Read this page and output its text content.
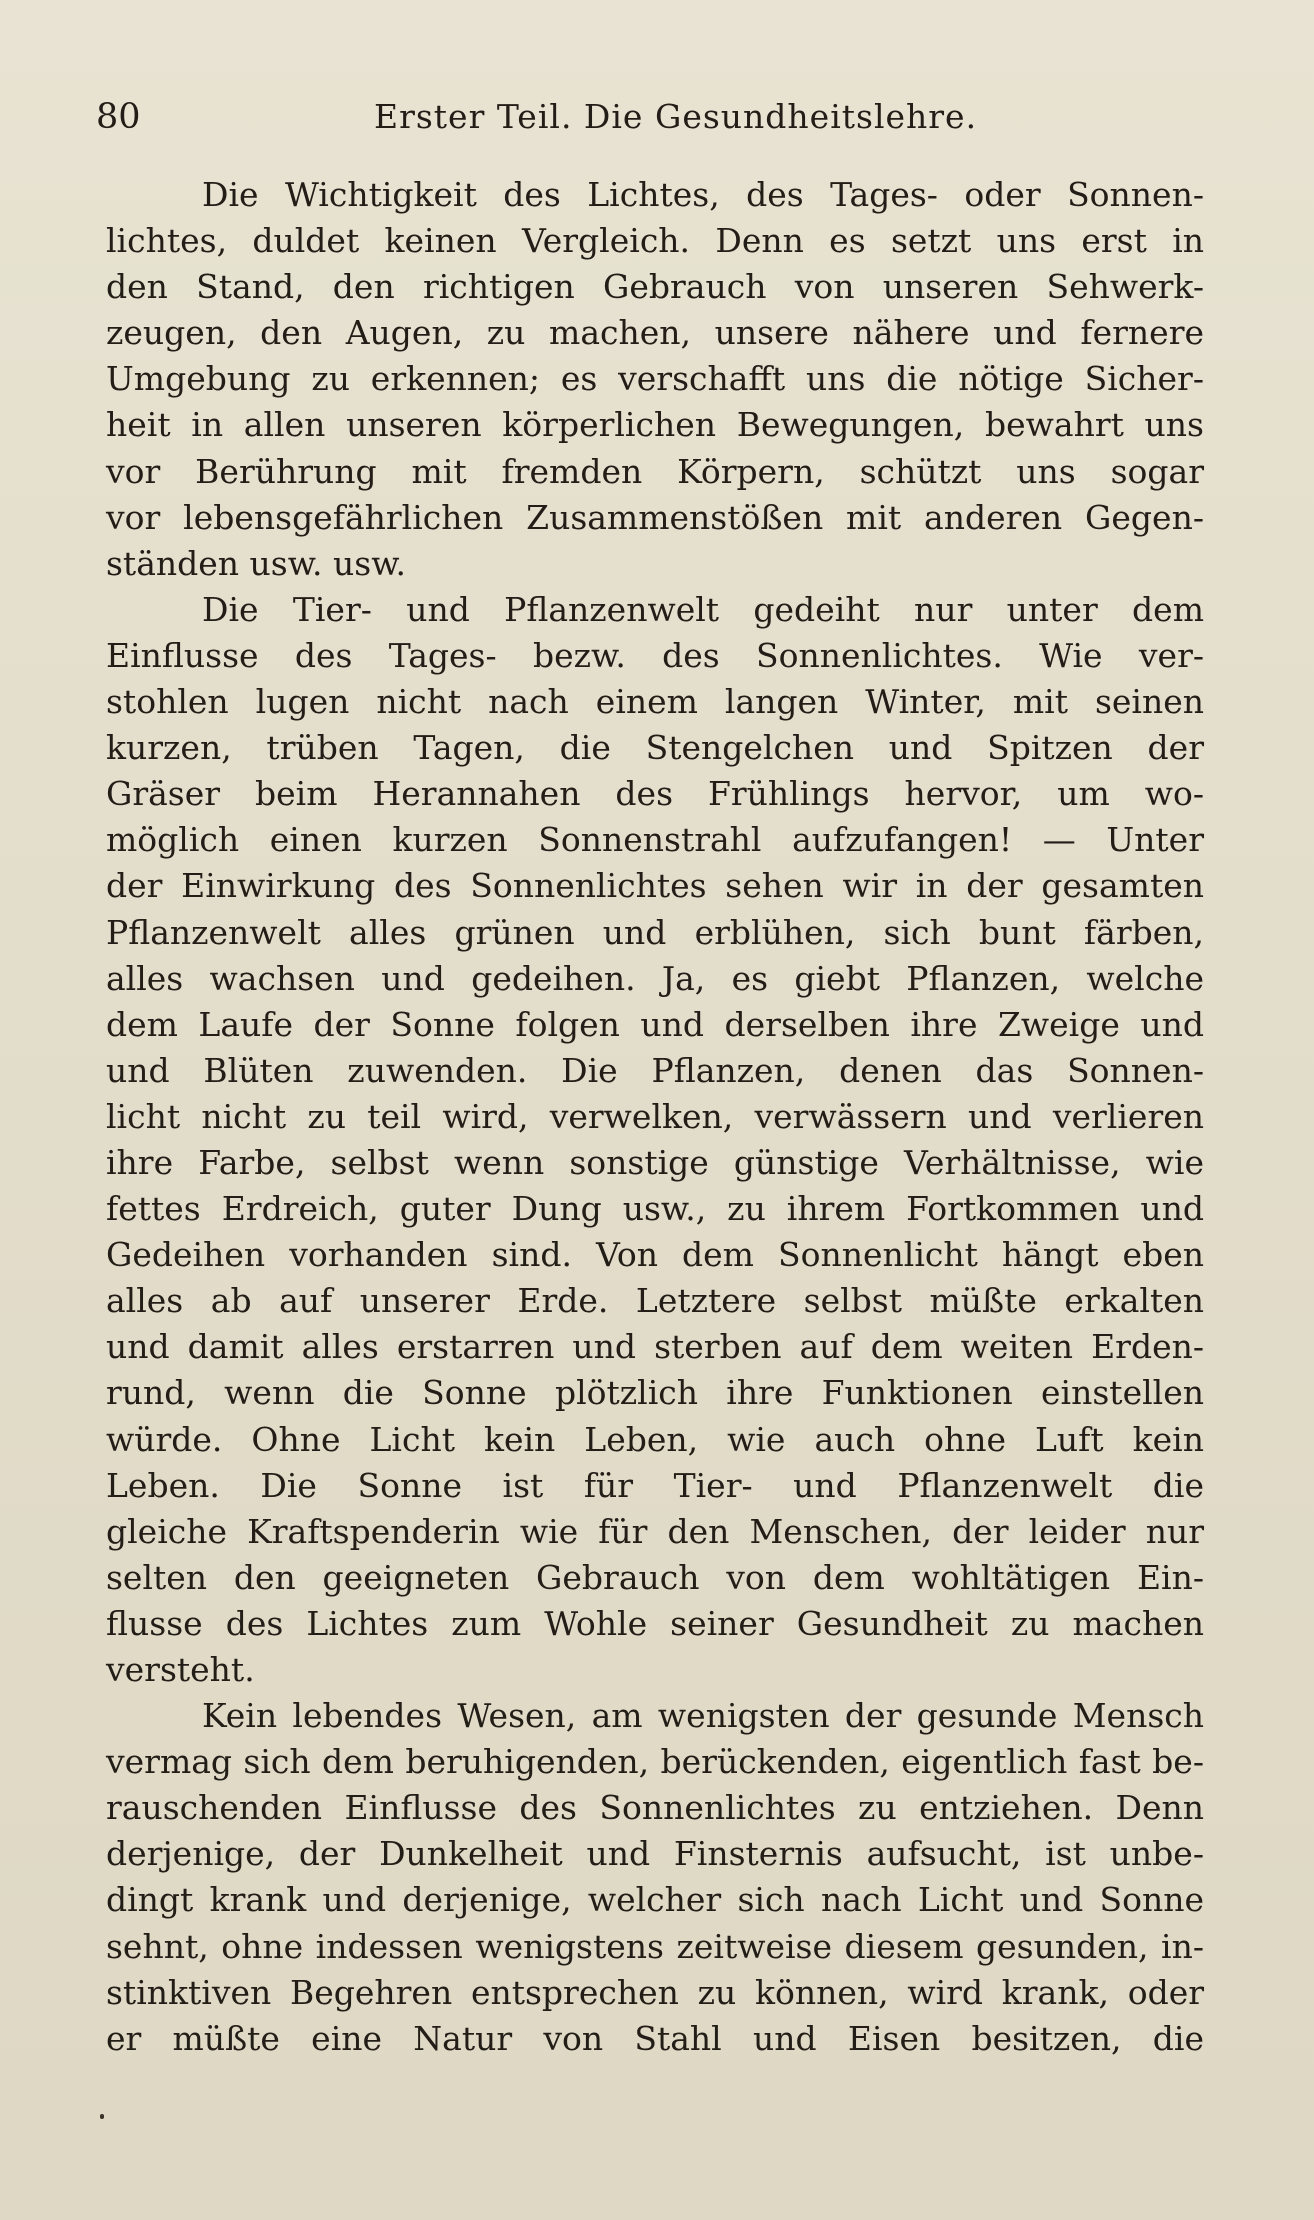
80	Erster Teil. Die Gesundheitslehre.

Die Wichtigkeit des Lichtes, des Tages- oder Sonnen-
lichtes, duldet keinen Vergleich. Denn es setzt uns erst in
den Stand, den richtigen Gebrauch von unseren Sehwerk-
zeugen, den Augen, zu machen, unsere nähere und fernere
Umgebung zu erkennen; es verschafft uns die nötige Sicher-
heit in allen unseren körperlichen Bewegungen, bewahrt uns
vor Berührung mit fremden Körpern, schützt uns sogar
vor lebensgefährlichen Zusammenstößen mit anderen Gegen-
ständen usw. usw.

Die Tier- und Pflanzenwelt gedeiht nur unter dem
Einflusse des Tages- bezw. des Sonnenlichtes. Wie ver-
stohlen lugen nicht nach einem langen Winter, mit seinen
kurzen, trüben Tagen, die Stengelchen und Spitzen der
Gräser beim Herannahen des Frühlings hervor, um wo-
möglich einen kurzen Sonnenstrahl aufzufangen! — Unter
der Einwirkung des Sonnenlichtes sehen wir in der gesamten
Pflanzenwelt alles grünen und erblühen, sich bunt färben,
alles wachsen und gedeihen. Ja, es giebt Pflanzen, welche
dem Laufe der Sonne folgen und derselben ihre Zweige und
und Blüten zuwenden. Die Pflanzen, denen das Sonnen-
licht nicht zu teil wird, verwelken, verwässern und verlieren
ihre Farbe, selbst wenn sonstige günstige Verhältnisse, wie
fettes Erdreich, guter Dung usw., zu ihrem Fortkommen und
Gedeihen vorhanden sind. Von dem Sonnenlicht hängt eben
alles ab auf unserer Erde. Letztere selbst müßte erkalten
und damit alles erstarren und sterben auf dem weiten Erden-
rund, wenn die Sonne plötzlich ihre Funktionen einstellen
würde. Ohne Licht kein Leben, wie auch ohne Luft kein
Leben. Die Sonne ist für Tier- und Pflanzenwelt die
gleiche Kraftspenderin wie für den Menschen, der leider nur
selten den geeigneten Gebrauch von dem wohltätigen Ein-
flusse des Lichtes zum Wohle seiner Gesundheit zu machen
versteht.

Kein lebendes Wesen, am wenigsten der gesunde Mensch
vermag sich dem beruhigenden, berückenden, eigentlich fast be-
rauschenden Einflusse des Sonnenlichtes zu entziehen. Denn
derjenige, der Dunkelheit und Finsternis aufsucht, ist unbe-
dingt krank und derjenige, welcher sich nach Licht und Sonne
sehnt, ohne indessen wenigstens zeitweise diesem gesunden, in-
stinktiven Begehren entsprechen zu können, wird krank, oder
er müßte eine Natur von Stahl und Eisen besitzen, die
